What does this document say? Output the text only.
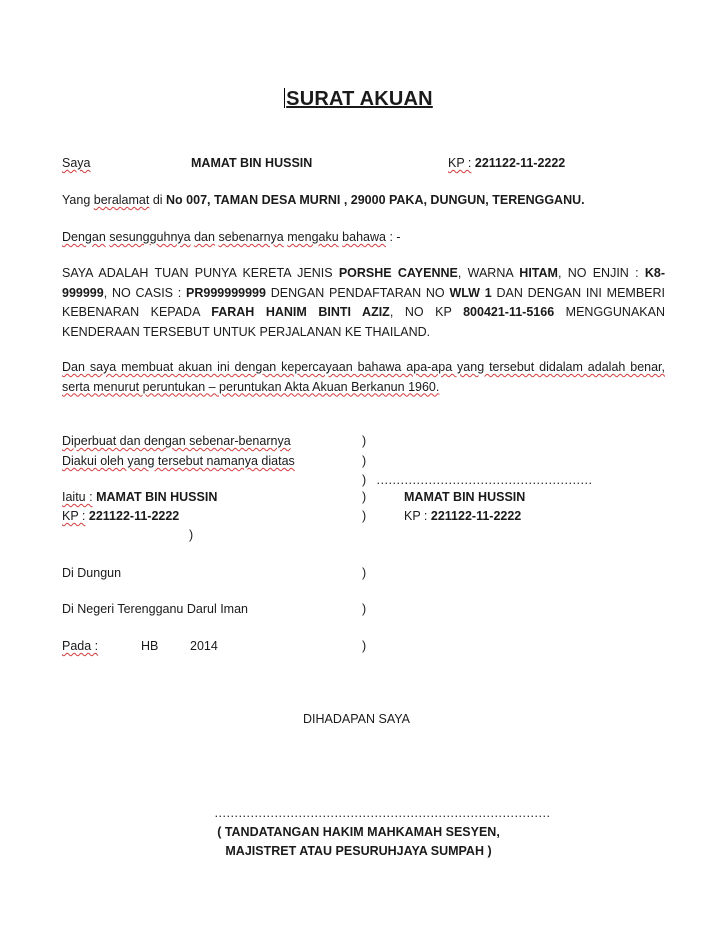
SURAT AKUAN
Saya	MAMAT BIN HUSSIN	KP : 221122-11-2222
Yang beralamat di No 007, TAMAN DESA MURNI , 29000 PAKA, DUNGUN, TERENGGANU.
Dengan sesungguhnya dan sebenarnya mengaku bahawa : -
SAYA ADALAH TUAN PUNYA KERETA JENIS PORSHE CAYENNE, WARNA HITAM, NO ENJIN : K8-999999, NO CASIS : PR999999999 DENGAN PENDAFTARAN NO WLW 1 DAN DENGAN INI MEMBERI KEBENARAN KEPADA FARAH HANIM BINTI AZIZ, NO KP 800421-11-5166 MENGGUNAKAN KENDERAAN TERSEBUT UNTUK PERJALANAN KE THAILAND.
Dan saya membuat akuan ini dengan kepercayaan bahawa apa-apa yang tersebut didalam adalah benar, serta menurut peruntukan – peruntukan Akta Akuan Berkanun 1960.
Diperbuat dan dengan sebenar-benarnya	)
Diakui oleh yang tersebut namanya diatas	)
) ………………………………………………
Iaitu : MAMAT BIN HUSSIN	)	MAMAT BIN HUSSIN
KP : 221122-11-2222	)	KP : 221122-11-2222
)
Di Dungun	)
Di Negeri Terengganu Darul Iman	)
Pada :	HB	2014	)
DIHADAPAN SAYA
…………………………………………………………………………
( TANDATANGAN HAKIM MAHKAMAH SESYEN,
MAJISTRET ATAU PESURUHJAYA SUMPAH )
